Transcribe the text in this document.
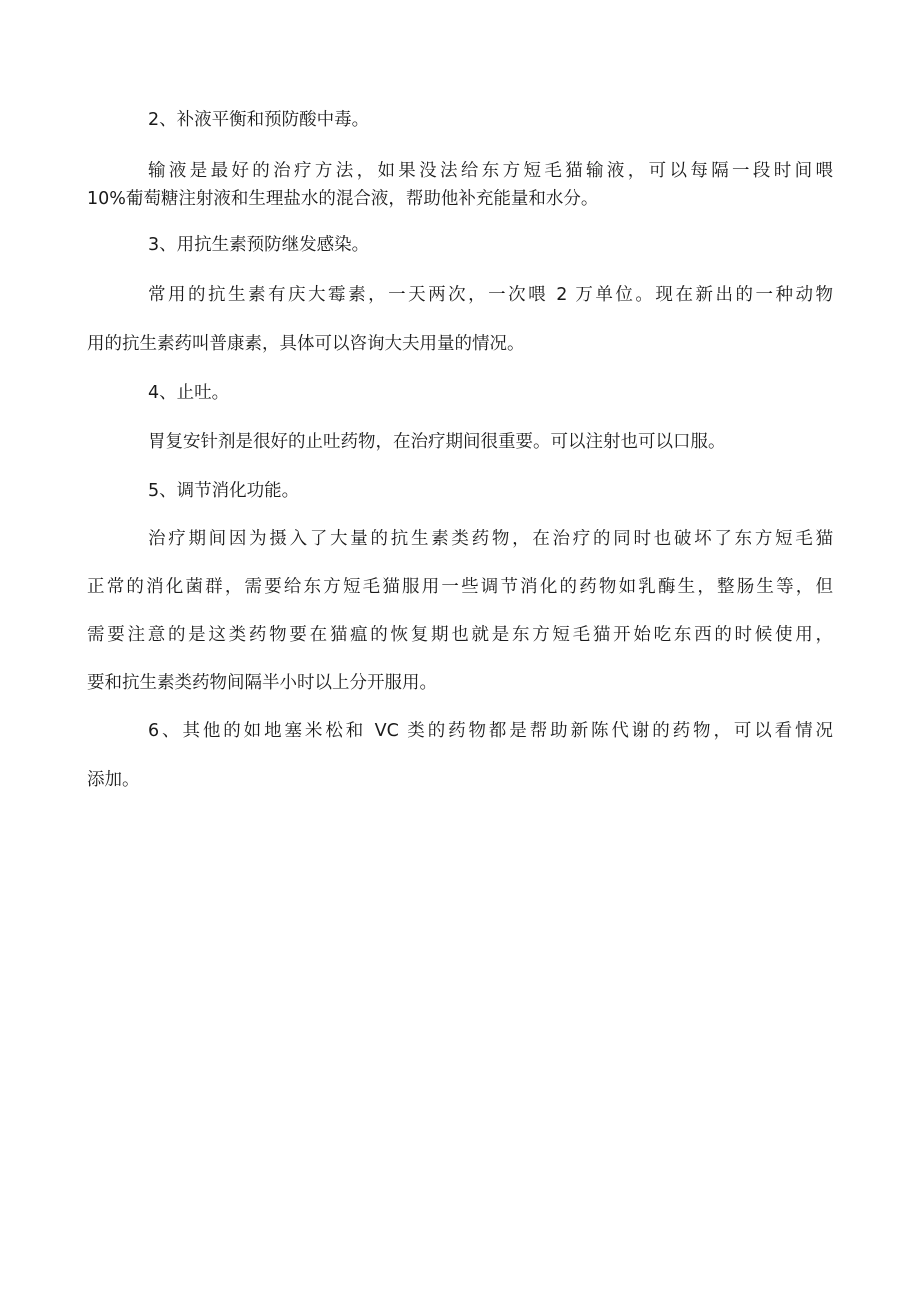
2、补液平衡和预防酸中毒。
输液是最好的治疗方法，如果没法给东方短毛猫输液，可以每隔一段时间喂
10%葡萄糖注射液和生理盐水的混合液，帮助他补充能量和水分。
3、用抗生素预防继发感染。
常用的抗生素有庆大霉素，一天两次，一次喂 2 万单位。现在新出的一种动物
用的抗生素药叫普康素，具体可以咨询大夫用量的情况。
4、止吐。
胃复安针剂是很好的止吐药物，在治疗期间很重要。可以注射也可以口服。
5、调节消化功能。
治疗期间因为摄入了大量的抗生素类药物，在治疗的同时也破坏了东方短毛猫
正常的消化菌群，需要给东方短毛猫服用一些调节消化的药物如乳酶生，整肠生等，但
需要注意的是这类药物要在猫瘟的恢复期也就是东方短毛猫开始吃东西的时候使用，
要和抗生素类药物间隔半小时以上分开服用。
6、其他的如地塞米松和 VC 类的药物都是帮助新陈代谢的药物，可以看情况
添加。
